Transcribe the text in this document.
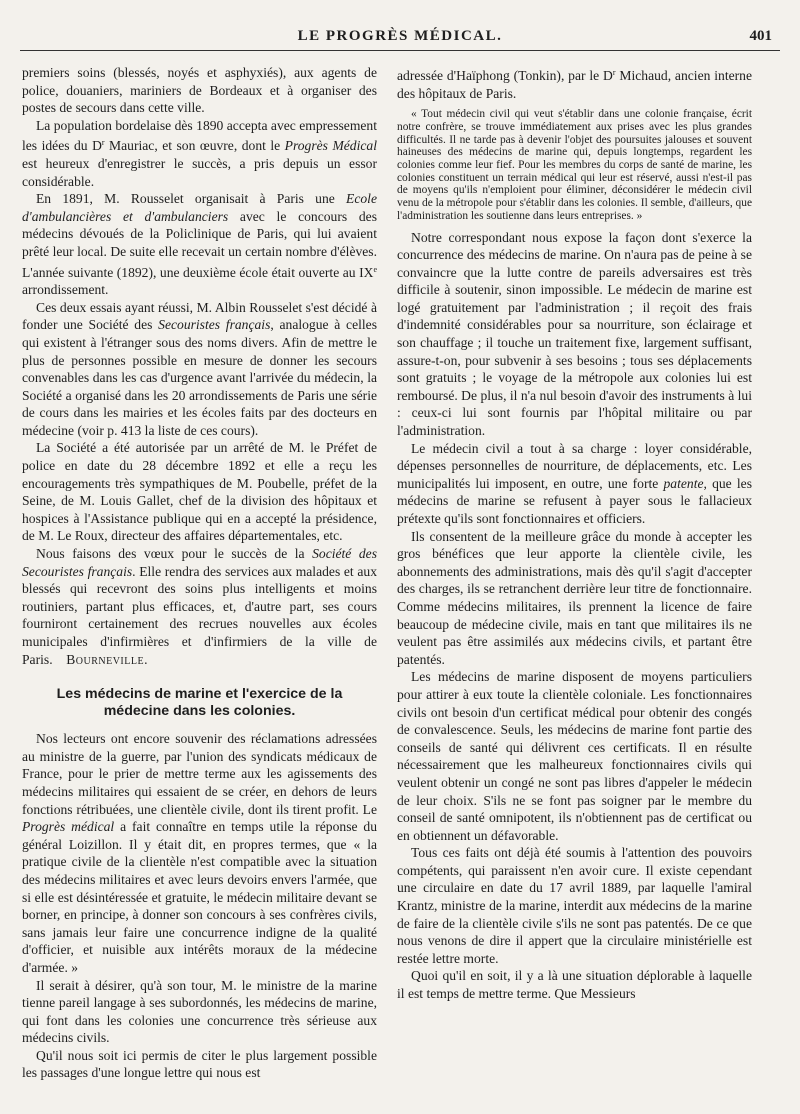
LE PROGRÈS MÉDICAL.	401

premiers soins (blessés, noyés et asphyxiés), aux agents de police, douaniers, mariniers de Bordeaux et à organiser des postes de secours dans cette ville.

La population bordelaise dès 1890 accepta avec empressement les idées du $D^r$ Mauriac, et son œuvre, dont le Progrès Médical est heureux d'enregistrer le succès, a pris depuis un essor considérable.

En 1891, M. Rousselet organisait à Paris une Ecole d'ambulancières et d'ambulanciers avec le concours des médecins dévoués de la Policlinique de Paris, qui lui avaient prêté leur local. De suite elle recevait un certain nombre d'élèves. L'année suivante (1892), une deuxième école était ouverte au IXe arrondissement.

Ces deux essais ayant réussi, M. Albin Rousselet s'est décidé à fonder une Société des Secouristes français, analogue à celles qui existent à l'étranger sous des noms divers. Afin de mettre le plus de personnes possible en mesure de donner les secours convenables dans les cas d'urgence avant l'arrivée du médecin, la Société a organisé dans les 20 arrondissements de Paris une série de cours dans les mairies et les écoles faits par des docteurs en médecine (voir p. 413 la liste de ces cours).

La Société a été autorisée par un arrêté de M. le Préfet de police en date du 28 décembre 1892 et elle a reçu les encouragements très sympathiques de M. Poubelle, préfet de la Seine, de M. Louis Gallet, chef de la division des hôpitaux et hospices à l'Assistance publique qui en a accepté la présidence, de M. Le Roux, directeur des affaires départementales, etc.

Nous faisons des vœux pour le succès de la Société des Secouristes français. Elle rendra des services aux malades et aux blessés qui recevront des soins plus intelligents et moins routiniers, partant plus efficaces, et, d'autre part, ses cours fourniront certainement des recrues nouvelles aux écoles municipales d'infirmières et d'infirmiers de la ville de Paris. Bourneville.

Les médecins de marine et l'exercice de la médecine dans les colonies.

Nos lecteurs ont encore souvenir des réclamations adressées au ministre de la guerre, par l'union des syndicats médicaux de France, pour le prier de mettre terme aux les agissements des médecins militaires qui essaient de se créer, en dehors de leurs fonctions rétribuées, une clientèle civile, dont ils tirent profit. Le Progrès médical a fait connaître en temps utile la réponse du général Loizillon. Il y était dit, en propres termes, que « la pratique civile de la clientèle n'est compatible avec la situation des médecins militaires et avec leurs devoirs envers l'armée, que si elle est désintéressée et gratuite, le médecin militaire devant se borner, en principe, à donner son concours à ses confrères civils, sans jamais leur faire une concurrence indigne de la qualité d'officier, et nuisible aux intérêts moraux de la médecine d'armée. »

Il serait à désirer, qu'à son tour, M. le ministre de la marine tienne pareil langage à ses subordonnés, les médecins de marine, qui font dans les colonies une concurrence très sérieuse aux médecins civils.

Qu'il nous soit ici permis de citer le plus largement possible les passages d'une longue lettre qui nous est

adressée d'Haïphong (Tonkin), par le $D^r$ Michaud, ancien interne des hôpitaux de Paris.

« Tout médecin civil qui veut s'établir dans une colonie française, écrit notre confrère, se trouve immédiatement aux prises avec les plus grandes difficultés. Il ne tarde pas à devenir l'objet des poursuites jalouses et souvent haineuses des médecins de marine qui, depuis longtemps, regardent les colonies comme leur fief. Pour les membres du corps de santé de marine, les colonies constituent un terrain médical qui leur est réservé, aussi n'est-il pas de moyens qu'ils n'emploient pour éliminer, déconsidérer le médecin civil venu de la métropole pour s'établir dans les colonies. Il semble, d'ailleurs, que l'administration les soutienne dans leurs entreprises. »

Notre correspondant nous expose la façon dont s'exerce la concurrence des médecins de marine. On n'aura pas de peine à se convaincre que la lutte contre de pareils adversaires est très difficile à soutenir, sinon impossible. Le médecin de marine est logé gratuitement par l'administration ; il reçoit des frais d'indemnité considérables pour sa nourriture, son éclairage et son chauffage ; il touche un traitement fixe, largement suffisant, assure-t-on, pour subvenir à ses besoins ; tous ses déplacements sont gratuits ; le voyage de la métropole aux colonies lui est remboursé. De plus, il n'a nul besoin d'avoir des instruments à lui : ceux-ci lui sont fournis par l'hôpital militaire ou par l'administration.

Le médecin civil a tout à sa charge : loyer considérable, dépenses personnelles de nourriture, de déplacements, etc. Les municipalités lui imposent, en outre, une forte patente, que les médecins de marine se refusent à payer sous le fallacieux prétexte qu'ils sont fonctionnaires et officiers.

Ils consentent de la meilleure grâce du monde à accepter les gros bénéfices que leur apporte la clientèle civile, les abonnements des administrations, mais dès qu'il s'agit d'accepter des charges, ils se retranchent derrière leur titre de fonctionnaire. Comme médecins militaires, ils prennent la licence de faire beaucoup de médecine civile, mais en tant que militaires ils ne veulent pas être assimilés aux médecins civils, et partant être patentés.

Les médecins de marine disposent de moyens particuliers pour attirer à eux toute la clientèle coloniale. Les fonctionnaires civils ont besoin d'un certificat médical pour obtenir des congés de convalescence. Seuls, les médecins de marine font partie des conseils de santé qui délivrent ces certificats. Il en résulte nécessairement que les malheureux fonctionnaires civils qui veulent obtenir un congé ne sont pas libres d'appeler le médecin de leur choix. S'ils ne se font pas soigner par le membre du conseil de santé omnipotent, ils n'obtiennent pas de certificat ou en obtiennent un défavorable.

Tous ces faits ont déjà été soumis à l'attention des pouvoirs compétents, qui paraissent n'en avoir cure. Il existe cependant une circulaire en date du 17 avril 1889, par laquelle l'amiral Krantz, ministre de la marine, interdit aux médecins de la marine de faire de la clientèle civile s'ils ne sont pas patentés. De ce que nous venons de dire il appert que la circulaire ministérielle est restée lettre morte.

Quoi qu'il en soit, il y a là une situation déplorable à laquelle il est temps de mettre terme. Que Messieurs
